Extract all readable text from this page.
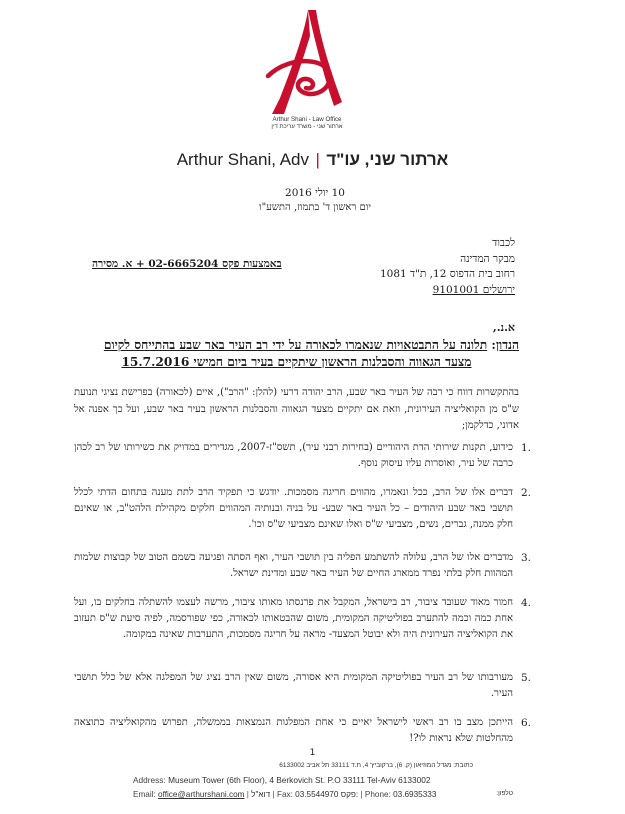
Arthur Shani - Law Office
ארתור שני - משרד עריכת דין
Arthur Shani, Adv | ארתור שני, עו"ד
10 יולי 2016
יום ראשון ד' בתמוז, התשע"ו
לכבוד
מבקר המדינה
רחוב בית הדפוס 12, ת"ד 1081
ירושלים 9101001
באמצעות פקס 02-6665204 + א. מסירה
א.נ.,
הנדון: תלונה על התבטאויות שנאמרו לכאורה על ידי רב העיר באר שבע בהתייחס לקיום
מצעד הגאווה והסבלנות הראשון שיתקיים בעיר ביום חמישי 15.7.2016
בהתקשרות דווח כי רבה של העיר באר שבע, הרב יהודה דרעי (להלן: "הרב"), איים (לכאורה) בפרישת נציגי תנועת ש"ס מן הקואליציה העירונית, וזאת אם יתקיים מצעד הגאווה והסבלנות הראשון בעיר באר שבע, ועל כך אפנה אל אדוני, כדלקמן;
1.
כידוע, תקנות שירותי הדת היהודיים (בחירות רבני עיר), תשס"ז-2007, מגדירים במדויק את כשירותו של רב לכהן כרבה של עיר, ואוסרות עליו עיסוק נוסף.
2.
דברים אלו של הרב, ככל ונאמרו, מהווים חריגה מסמכות. יודגש כי תפקיד הרב לתת מענה בתחום הדתי לכלל תושבי באר שבע היהודים – כל העיר באר שבע- על בניה ובנותיה המהווים חלקים מקהילת הלהט"ב, או שאינם חלק ממנה, גברים, נשים, מצביעי ש"ס ואלו שאינם מצביעי ש"ס וכו'.
3.
מדברים אלו של הרב, עלולה להשתמע הפליה בין תושבי העיר, ואף הסתה ופגיעה בשמם הטוב של קבוצות שלמות המהוות חלק בלתי נפרד ממארג החיים של העיר באר שבע ומדינת ישראל.
4.
חמור מאוד שעובד ציבור, רב בישראל, המקבל את פרנסתו מאותו ציבור, מרשה לעצמו להשתלה בחלקים בו, ועל אחת כמה וכמה להתערב בפוליטיקה המקומית, משום שהבטאותו לכאורה, כפי שפורסמה, לפיה סיעת ש"ס תעזוב את הקואליציה העירונית היה ולא יבוטל המצעד- מראה על חריגה מסמכות, התערבות שאינה במקומה.
5.
מעורבותו של רב העיר בפוליטיקה המקומית היא אסורה, משום שאין הרב נציג של המפלגה אלא של כלל תושבי העיר.
6.
הייתכן מצב בו רב ראשי לישראל יאיים כי אחת המפלגות הנמצאות בממשלה, תפרוש מהקואליציה כתוצאה מהחלטות שלא נראות לו?!
1
כתובת: מגדל המוזיאון (ק. 6), ברקוביץ' 4, ת.ד 33111 תל אביב 6133002
Address: Museum Tower (6th Floor), 4 Berkovich St. P.O 33111 Tel-Aviv 6133002
Email: office@arthurshani.com | דוא"ל | Fax: 03.5544970 פקס: | Phone: 03.6935333	טלפון:
